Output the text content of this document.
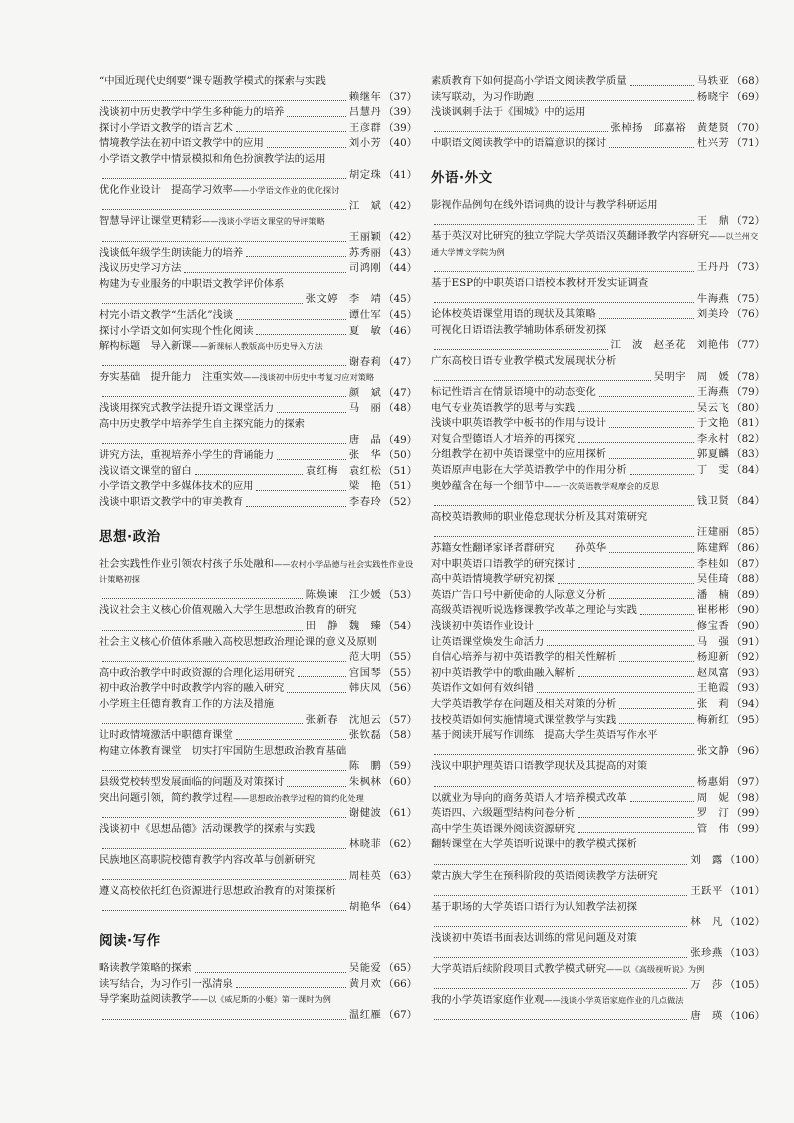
“中国近现代史纲要”课专题教学模式的探索与实践
赖继年 （37）
浅谈初中历史教学中学生多种能力的培养	吕慧丹 （39）
探讨小学语文教学的语言艺术	王彦群 （39）
情境教学法在初中语文教学中的应用	刘小芳 （40）
小学语文教学中情景模拟和角色扮演教学法的运用
胡定珠 （41）
优化作业设计　提高学习效率——小学语文作业的优化探讨
江　斌 （42）
智慧导评让课堂更精彩——浅谈小学语文课堂的导评策略
王丽颖 （42）
浅谈低年级学生朗读能力的培养	苏秀丽 （43）
浅议历史学习方法	司鸿刚 （44）
构建为专业服务的中职语文教学评价体系
张文婷　李　靖 （45）
村完小语文教学“生活化”浅谈	谭仕军 （45）
探讨小学语文如何实现个性化阅读	夏　敏 （46）
解构标题　导入新课——新课标人教版高中历史导入方法
谢春莉 （47）
夯实基础　提升能力　注重实效——浅谈初中历史中考复习应对策略
颜　斌 （47）
浅谈用探究式教学法提升语文课堂活力	马　丽 （48）
高中历史教学中培养学生自主探究能力的探索
唐　晶 （49）
讲究方法，重视培养小学生的背诵能力	张　华 （50）
浅议语文课堂的留白	袁红梅　袁红松 （51）
小学语文教学中多媒体技术的应用	梁　艳 （51）
浅谈中职语文教学中的审美教育	李春玲 （52）
思想·政治
社会实践性作业引领农村孩子乐处融和——农村小学品德与社会实践性作业设计策略初探
陈焕谏　江少媛 （53）
浅议社会主义核心价值观融入大学生思想政治教育的研究
田　静　魏　臻 （54）
社会主义核心价值体系融入高校思想政治理论课的意义及原则
范大明 （55）
高中政治教学中时政资源的合理化运用研究	宫国琴 （55）
初中政治教学中时政教学内容的融入研究	韩庆凤 （56）
小学班主任德育教育工作的方法及措施
张新春　沈旭云 （57）
让时政情境激活中职德育课堂	张钦磊 （58）
构建立体教育课堂　切实打牢国防生思想政治教育基础
陈　鹏 （59）
县级党校转型发展面临的问题及对策探讨	朱枫林 （60）
突出问题引领，简约教学过程——思想政治教学过程的简约化处理
谢健波 （61）
浅谈初中《思想品德》活动课教学的探索与实践
林晓菲 （62）
民族地区高职院校德育教学内容改革与创新研究
周桂英 （63）
遵义高校依托红色资源进行思想政治教育的对策探析
胡艳华 （64）
阅读·写作
略读教学策略的探索	吴能爱 （65）
读写结合，为习作引一泓清泉	黄月欢 （66）
导学案助益阅读教学——以《威尼斯的小艇》第一课时为例
温红雁 （67）
素质教育下如何提高小学语文阅读教学质量	马轶亚 （68）
读写联动，为习作助跑	杨晓宇 （69）
浅谈讽刺手法于《围城》中的运用
张棹扬　邱嘉裕　黄楚贤 （70）
中职语文阅读教学中的语篇意识的探讨	杜兴芳 （71）
外语·外文
影视作品例句在线外语词典的设计与教学科研运用
王　鼎 （72）
基于英汉对比研究的独立学院大学英语汉英翻译教学内容研究——以兰州交通大学博文学院为例
王丹丹 （73）
基于ESP的中职英语口语校本教材开发实证调查
牛海燕 （75）
论体校英语课堂用语的现状及其策略	刘美玲 （76）
可视化日语语法教学辅助体系研发初探
江　波　赵圣花　刘艳伟 （77）
广东高校日语专业教学模式发展现状分析
吴明宇　周　媛 （78）
标记性语言在情景语境中的动态变化	王海燕 （79）
电气专业英语教学的思考与实践	吴云飞 （80）
浅谈中职英语教学中板书的作用与设计	于文艳 （81）
对复合型德语人才培养的再探究	李永村 （82）
分组教学在初中英语课堂中的应用探析	郭夏麟 （83）
英语原声电影在大学英语教学中的作用分析	丁　雯 （84）
奥妙蕴含在每一个细节中——一次英语教学观摩会的反思
钱卫贤 （84）
高校英语教师的职业倦怠现状分析及其对策研究
汪建丽 （85）
苏籍女性翻译家译者群研究　　孙英华	陈建辉 （86）
对中职英语口语教学的研究探讨	李桂如 （87）
高中英语情境教学研究初探	吴佳琦 （88）
英语广告口号中新使命的人际意义分析	潘　楠 （89）
高级英语视听说选修课教学改革之理论与实践	崔彬彬 （90）
浅谈初中英语作业设计	修宝香 （90）
让英语课堂焕发生命活力	马　强 （91）
自信心培养与初中英语教学的相关性解析	杨迎新 （92）
初中英语教学中的歌曲融入解析	赵凤富 （93）
英语作文如何有效纠错	王艳霞 （93）
大学英语教学存在问题及相关对策的分析	张　莉 （94）
技校英语如何实施情境式课堂教学与实践	梅新红 （95）
基于阅读开展写作训练　提高大学生英语写作水平
张文静 （96）
浅议中职护理英语口语教学现状及其提高的对策
杨惠娟 （97）
以就业为导向的商务英语人才培养模式改革	周　妮 （98）
英语四、六级题型结构问卷分析	罗　汀 （99）
高中学生英语课外阅读资源研究	管　伟 （99）
翻转课堂在大学英语听说课中的教学模式探析
刘　露 （100）
蒙古族大学生在预科阶段的英语阅读教学方法研究
王跃平 （101）
基于职场的大学英语口语行为认知教学法初探
林　凡 （102）
浅谈初中英语书面表达训练的常见问题及对策
张珍燕 （103）
大学英语后续阶段项目式教学模式研究——以《高级视听说》为例
万　莎 （105）
我的小学英语家庭作业观——浅谈小学英语家庭作业的几点做法
唐　瑛 （106）
